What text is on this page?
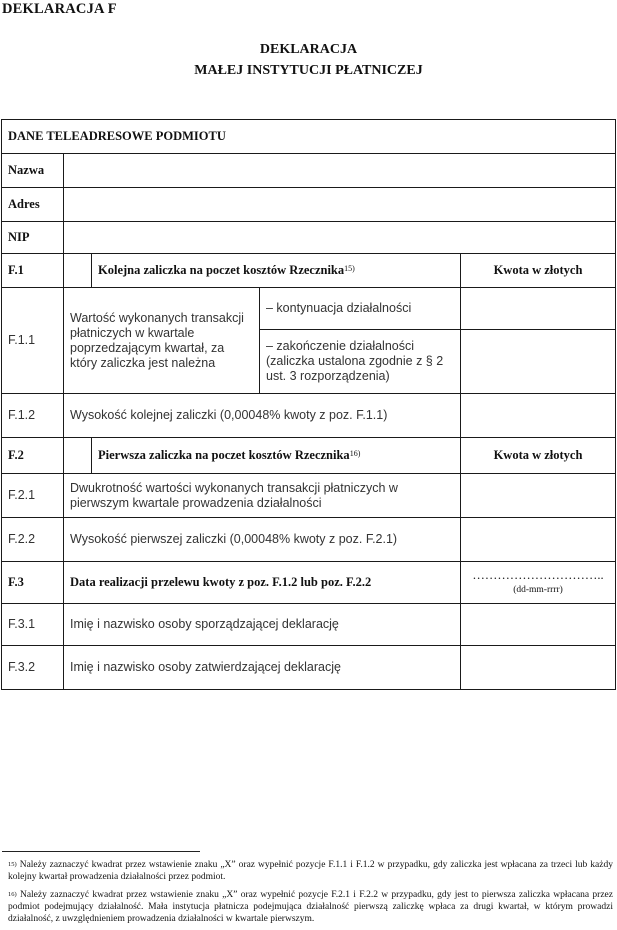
DEKLARACJA F
DEKLARACJA
MAŁEJ INSTYTUCJI PŁATNICZEJ
DANE TELEADRESOWE PODMIOTU				
Nazwa				
Adres				
NIP				
F.1		Kolejna zaliczka na poczet kosztów Rzecznika$^{15)}$		Kwota w złotych
F.1.1	Wartość wykonanych transakcji płatniczych w kwartale poprzedzającym kwartał, za który zaliczka jest należna		– kontynuacja działalności	
			– zakończenie działalności (zaliczka ustalona zgodnie z § 2 ust. 3 rozporządzenia)	
F.1.2	Wysokość kolejnej zaliczki (0,00048% kwoty z poz. F.1.1)			
F.2		Pierwsza zaliczka na poczet kosztów Rzecznika$^{16)}$		Kwota w złotych
F.2.1	Dwukrotność wartości wykonanych transakcji płatniczych w pierwszym kwartale prowadzenia działalności			
F.2.2	Wysokość pierwszej zaliczki (0,00048% kwoty z poz. F.2.1)			
F.3	Data realizacji przelewu kwoty z poz. F.1.2 lub poz. F.2.2			…………………………..
(dd-mm-rrrr)

F.3.1	Imię i nazwisko osoby sporządzającej deklarację			
F.3.2	Imię i nazwisko osoby zatwierdzającej deklarację			
$^{15)}$ Należy zaznaczyć kwadrat przez wstawienie znaku „X” oraz wypełnić pozycje F.1.1 i F.1.2 w przypadku, gdy zaliczka jest wpłacana za trzeci lub każdy kolejny kwartał prowadzenia działalności przez podmiot.
$^{16)}$ Należy zaznaczyć kwadrat przez wstawienie znaku „X” oraz wypełnić pozycje F.2.1 i F.2.2 w przypadku, gdy jest to pierwsza zaliczka wpłacana przez podmiot podejmujący działalność. Mała instytucja płatnicza podejmująca działalność pierwszą zaliczkę wpłaca za drugi kwartał, w którym prowadzi działalność, z uwzględnieniem prowadzenia działalności w kwartale pierwszym.
